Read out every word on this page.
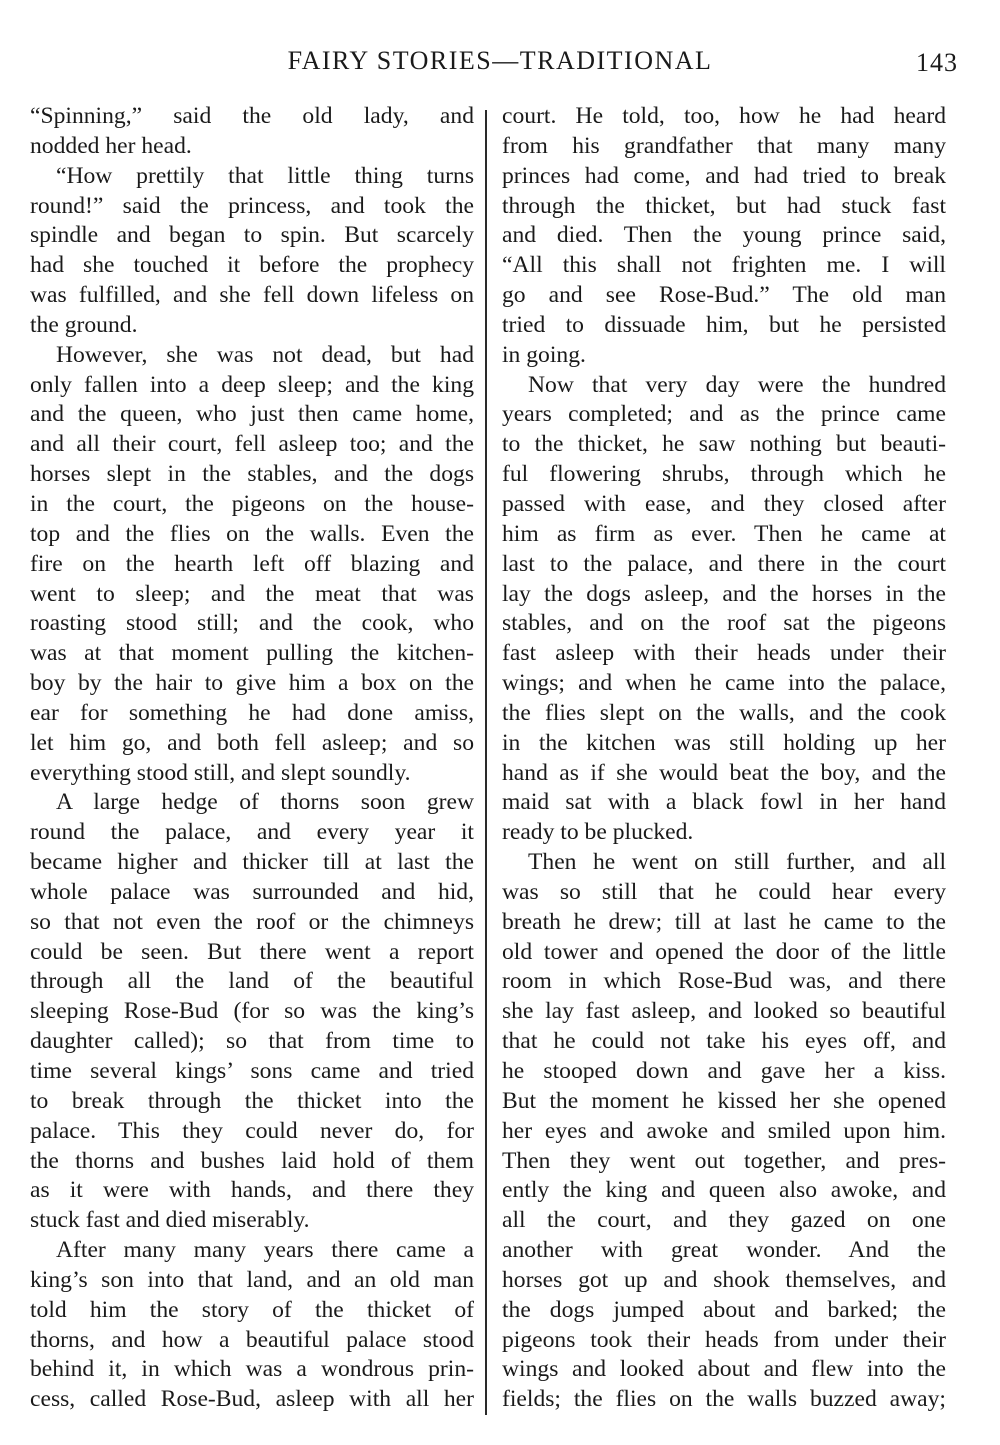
FAIRY STORIES—TRADITIONAL	143
“Spinning,” said the old lady, and
nodded her head.
“How prettily that little thing turns
round!” said the princess, and took the
spindle and began to spin. But scarcely
had she touched it before the prophecy
was fulfilled, and she fell down lifeless on
the ground.
However, she was not dead, but had
only fallen into a deep sleep; and the king
and the queen, who just then came home,
and all their court, fell asleep too; and the
horses slept in the stables, and the dogs
in the court, the pigeons on the house-
top and the flies on the walls. Even the
fire on the hearth left off blazing and
went to sleep; and the meat that was
roasting stood still; and the cook, who
was at that moment pulling the kitchen-
boy by the hair to give him a box on the
ear for something he had done amiss,
let him go, and both fell asleep; and so
everything stood still, and slept soundly.
A large hedge of thorns soon grew
round the palace, and every year it
became higher and thicker till at last the
whole palace was surrounded and hid,
so that not even the roof or the chimneys
could be seen. But there went a report
through all the land of the beautiful
sleeping Rose-Bud (for so was the king’s
daughter called); so that from time to
time several kings’ sons came and tried
to break through the thicket into the
palace. This they could never do, for
the thorns and bushes laid hold of them
as it were with hands, and there they
stuck fast and died miserably.
After many many years there came a
king’s son into that land, and an old man
told him the story of the thicket of
thorns, and how a beautiful palace stood
behind it, in which was a wondrous prin-
cess, called Rose-Bud, asleep with all her
court. He told, too, how he had heard
from his grandfather that many many
princes had come, and had tried to break
through the thicket, but had stuck fast
and died. Then the young prince said,
“All this shall not frighten me. I will
go and see Rose-Bud.” The old man
tried to dissuade him, but he persisted
in going.
Now that very day were the hundred
years completed; and as the prince came
to the thicket, he saw nothing but beauti-
ful flowering shrubs, through which he
passed with ease, and they closed after
him as firm as ever. Then he came at
last to the palace, and there in the court
lay the dogs asleep, and the horses in the
stables, and on the roof sat the pigeons
fast asleep with their heads under their
wings; and when he came into the palace,
the flies slept on the walls, and the cook
in the kitchen was still holding up her
hand as if she would beat the boy, and the
maid sat with a black fowl in her hand
ready to be plucked.
Then he went on still further, and all
was so still that he could hear every
breath he drew; till at last he came to the
old tower and opened the door of the little
room in which Rose-Bud was, and there
she lay fast asleep, and looked so beautiful
that he could not take his eyes off, and
he stooped down and gave her a kiss.
But the moment he kissed her she opened
her eyes and awoke and smiled upon him.
Then they went out together, and pres-
ently the king and queen also awoke, and
all the court, and they gazed on one
another with great wonder. And the
horses got up and shook themselves, and
the dogs jumped about and barked; the
pigeons took their heads from under their
wings and looked about and flew into the
fields; the flies on the walls buzzed away;
